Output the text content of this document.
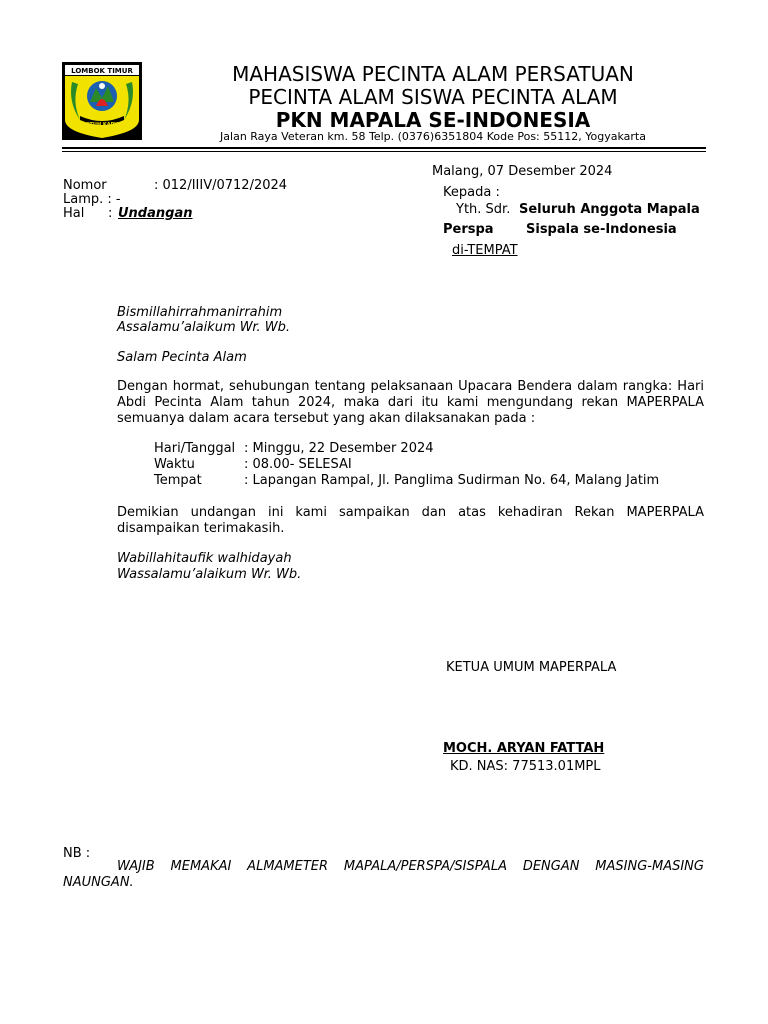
LOMBOK TIMUR
PATUH KARYA
MAHASISWA PECINTA ALAM PERSATUAN
PECINTA ALAM SISWA PECINTA ALAM
PKN MAPALA SE-INDONESIA
Jalan Raya Veteran km. 58 Telp. (0376)6351804 Kode Pos: 55112, Yogyakarta
Malang, 07 Desember 2024
Nomor	: 012/IIIV/0712/2024
Lamp. : -
Hal : Undangan
Kepada :
Yth. Sdr. Seluruh Anggota Mapala
Perspa Sispala se-Indonesia
di-TEMPAT
Bismillahirrahmanirrahim
Assalamu’alaikum Wr. Wb.
Salam Pecinta Alam
Dengan hormat, sehubungan tentang pelaksanaan Upacara Bendera dalam rangka: Hari Abdi Pecinta Alam tahun 2024, maka dari itu kami mengundang rekan MAPERPALA semuanya dalam acara tersebut yang akan dilaksanakan pada :
Hari/Tanggal : Minggu, 22 Desember 2024
Waktu	: 08.00- SELESAI
Tempat	: Lapangan Rampal, Jl. Panglima Sudirman No. 64, Malang Jatim
Demikian undangan ini kami sampaikan dan atas kehadiran Rekan MAPERPALA disampaikan terimakasih.
Wabillahitaufik walhidayah
Wassalamu’alaikum Wr. Wb.
KETUA UMUM MAPERPALA
MOCH. ARYAN FATTAH
KD. NAS: 77513.01MPL
NB :
WAJIB MEMAKAI ALMAMETER MAPALA/PERSPA/SISPALA DENGAN MASING-MASING NAUNGAN.
